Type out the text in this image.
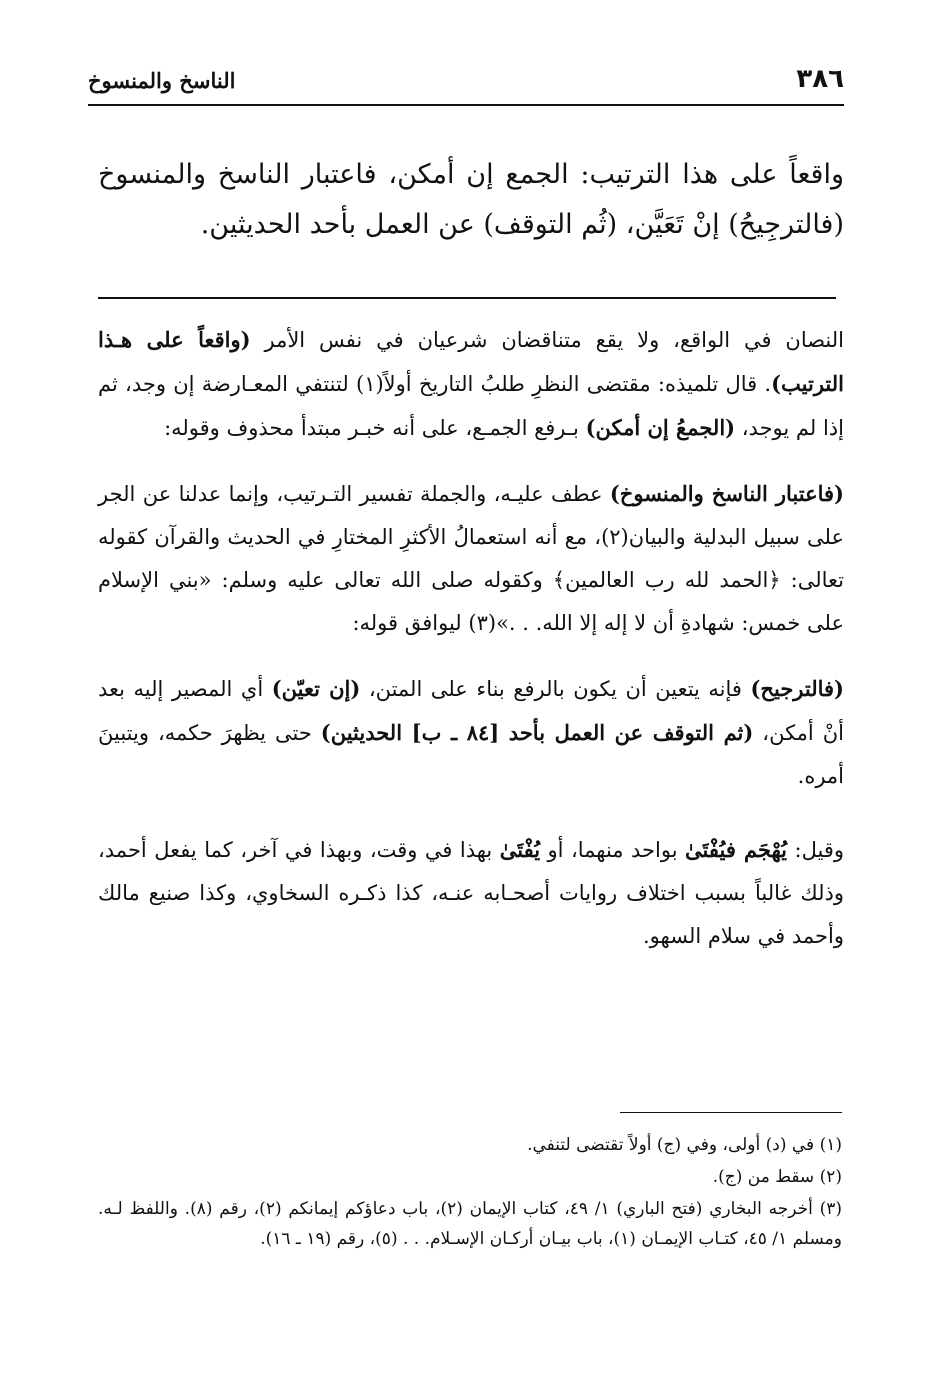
٣٨٦
الناسخ والمنسوخ

واقعاً على هذا الترتيب: الجمع إن أمكن، فاعتبار الناسخ والمنسوخ (فالترجِيحُ) إنْ تَعَيَّن، (ثُم التوقف) عن العمل بأحد الحديثين.

النصان في الواقع، ولا يقع متناقضان شرعيان في نفس الأمر (واقعاً على هـذا الترتيب). قال تلميذه: مقتضى النظرِ طلبُ التاريخ أولاً(١) لتنتفي المعـارضة إن وجد، ثم إذا لم يوجد، (الجمعُ إن أمكن) بـرفع الجمـع، على أنه خبـر مبتدأ محذوف وقوله:

(فاعتبار الناسخ والمنسوخ) عطف عليـه، والجملة تفسير التـرتيب، وإنما عدلنا عن الجر على سبيل البدلية والبيان(٢)، مع أنه استعمالُ الأكثرِ المختارِ في الحديث والقرآن كقوله تعالى: ﴿الحمد لله رب العالمين﴾ وكقوله صلى الله تعالى عليه وسلم: «بني الإسلام على خمس: شهادةِ أن لا إله إلا الله. . .»(٣) ليوافق قوله:

(فالترجيح) فإنه يتعين أن يكون بالرفع بناء على المتن، (إن تعيّن) أي المصير إليه بعد أنْ أمكن، (ثم التوقف عن العمل بأحد [٨٤ ـ ب] الحديثين) حتى يظهرَ حكمه، ويتبينَ أمره.

وقيل: يُهْجَم فيُفْتَىٰ بواحد منهما، أو يُفْتَىٰ بهذا في وقت، وبهذا في آخر، كما يفعل أحمد، وذلك غالباً بسبب اختلاف روايات أصحـابه عنـه، كذا ذكـره السخاوي، وكذا صنيع مالك وأحمد في سلام السهو.

(١) في (د) أولى، وفي (ج) أولاً تقتضى لتنفي.
(٢) سقط من (ج).
(٣) أخرجه البخاري (فتح الباري) ١/ ٤٩، كتاب الإيمان (٢)، باب دعاؤكم إيمانكم (٢)، رقم (٨). واللفظ لـه. ومسلم ١/ ٤٥، كتـاب الإيمـان (١)، باب بيـان أركـان الإسـلام. . . (٥)، رقم (١٩ ـ ١٦).
